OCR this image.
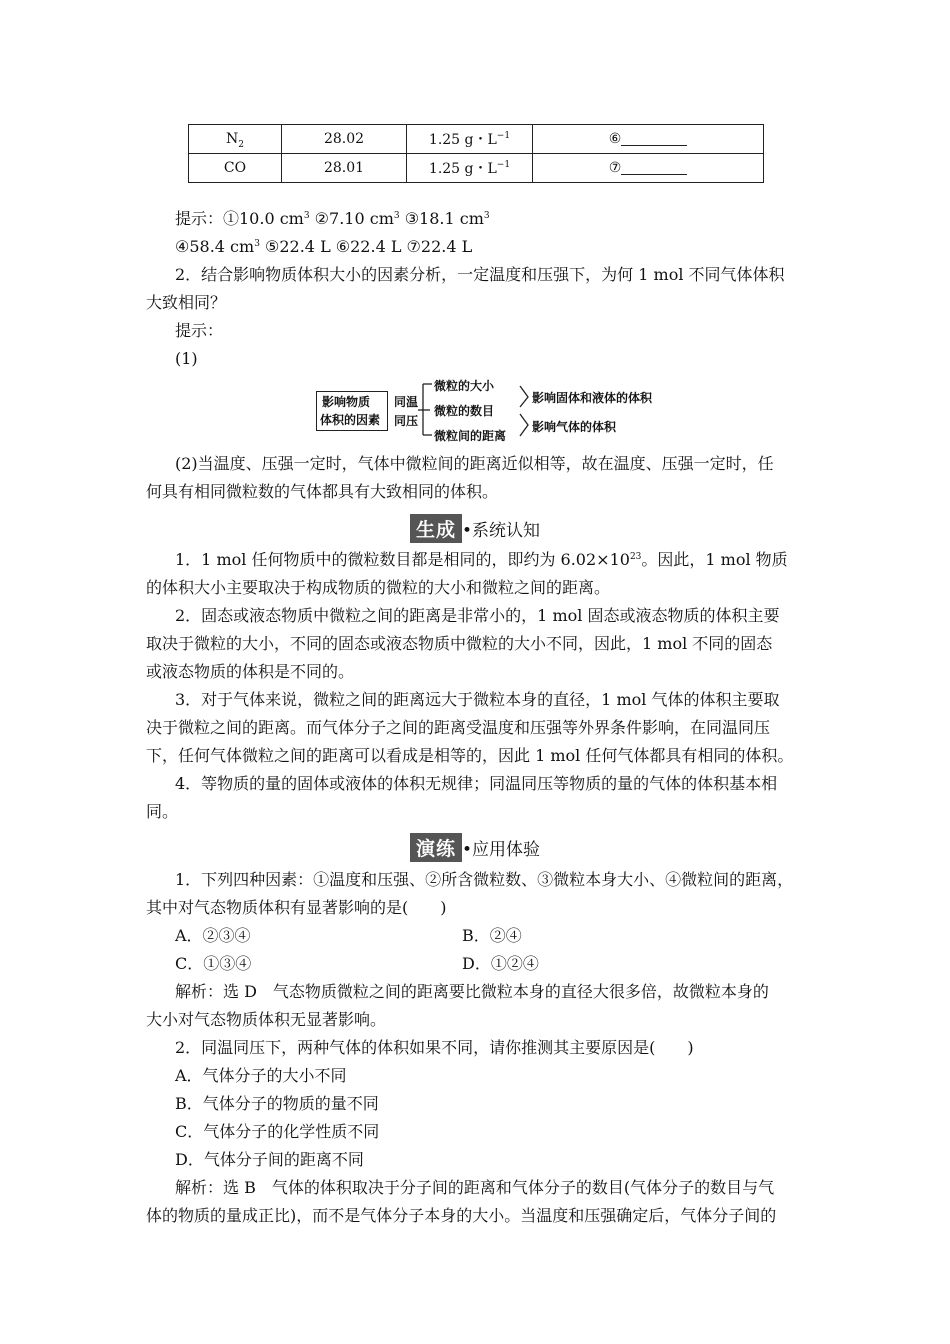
$N_2$	28.02	1.25 g・$L^{-1}$	⑥
CO	28.01	1.25 g・$L^{-1}$	⑦
提示：①10.0 $cm^3$ ②7.10 $cm^3$ ③18.1 $cm^3$
④58.4 $cm^3$ ⑤22.4 L ⑥22.4 L ⑦22.4 L
2．结合影响物质体积大小的因素分析，一定温度和压强下，为何 1 mol 不同气体体积
大致相同？
提示：
(1)
影响物质
体积的因素
同温
同压
微粒的大小
微粒的数目
微粒间的距离
影响固体和液体的体积
影响气体的体积
(2)当温度、压强一定时，气体中微粒间的距离近似相等，故在温度、压强一定时，任
何具有相同微粒数的气体都具有大致相同的体积。
生成 •系统认知
1．1 mol 任何物质中的微粒数目都是相同的，即约为 $6.02\times 10^{23}$。因此，1 mol 物质
的体积大小主要取决于构成物质的微粒的大小和微粒之间的距离。
2．固态或液态物质中微粒之间的距离是非常小的，1 mol 固态或液态物质的体积主要
取决于微粒的大小，不同的固态或液态物质中微粒的大小不同，因此，1 mol 不同的固态
或液态物质的体积是不同的。
3．对于气体来说，微粒之间的距离远大于微粒本身的直径，1 mol 气体的体积主要取
决于微粒之间的距离。而气体分子之间的距离受温度和压强等外界条件影响，在同温同压
下，任何气体微粒之间的距离可以看成是相等的，因此 1 mol 任何气体都具有相同的体积。
4．等物质的量的固体或液体的体积无规律；同温同压等物质的量的气体的体积基本相
同。
演练 •应用体验
1．下列四种因素：①温度和压强、②所含微粒数、③微粒本身大小、④微粒间的距离，
其中对气态物质体积有显著影响的是(　　)
A．②③④	B．②④
C．①③④	D．①②④
解析：选 D　气态物质微粒之间的距离要比微粒本身的直径大很多倍，故微粒本身的
大小对气态物质体积无显著影响。
2．同温同压下，两种气体的体积如果不同，请你推测其主要原因是(　　)
A．气体分子的大小不同
B．气体分子的物质的量不同
C．气体分子的化学性质不同
D．气体分子间的距离不同
解析：选 B　气体的体积取决于分子间的距离和气体分子的数目(气体分子的数目与气
体的物质的量成正比)，而不是气体分子本身的大小。当温度和压强确定后，气体分子间的
